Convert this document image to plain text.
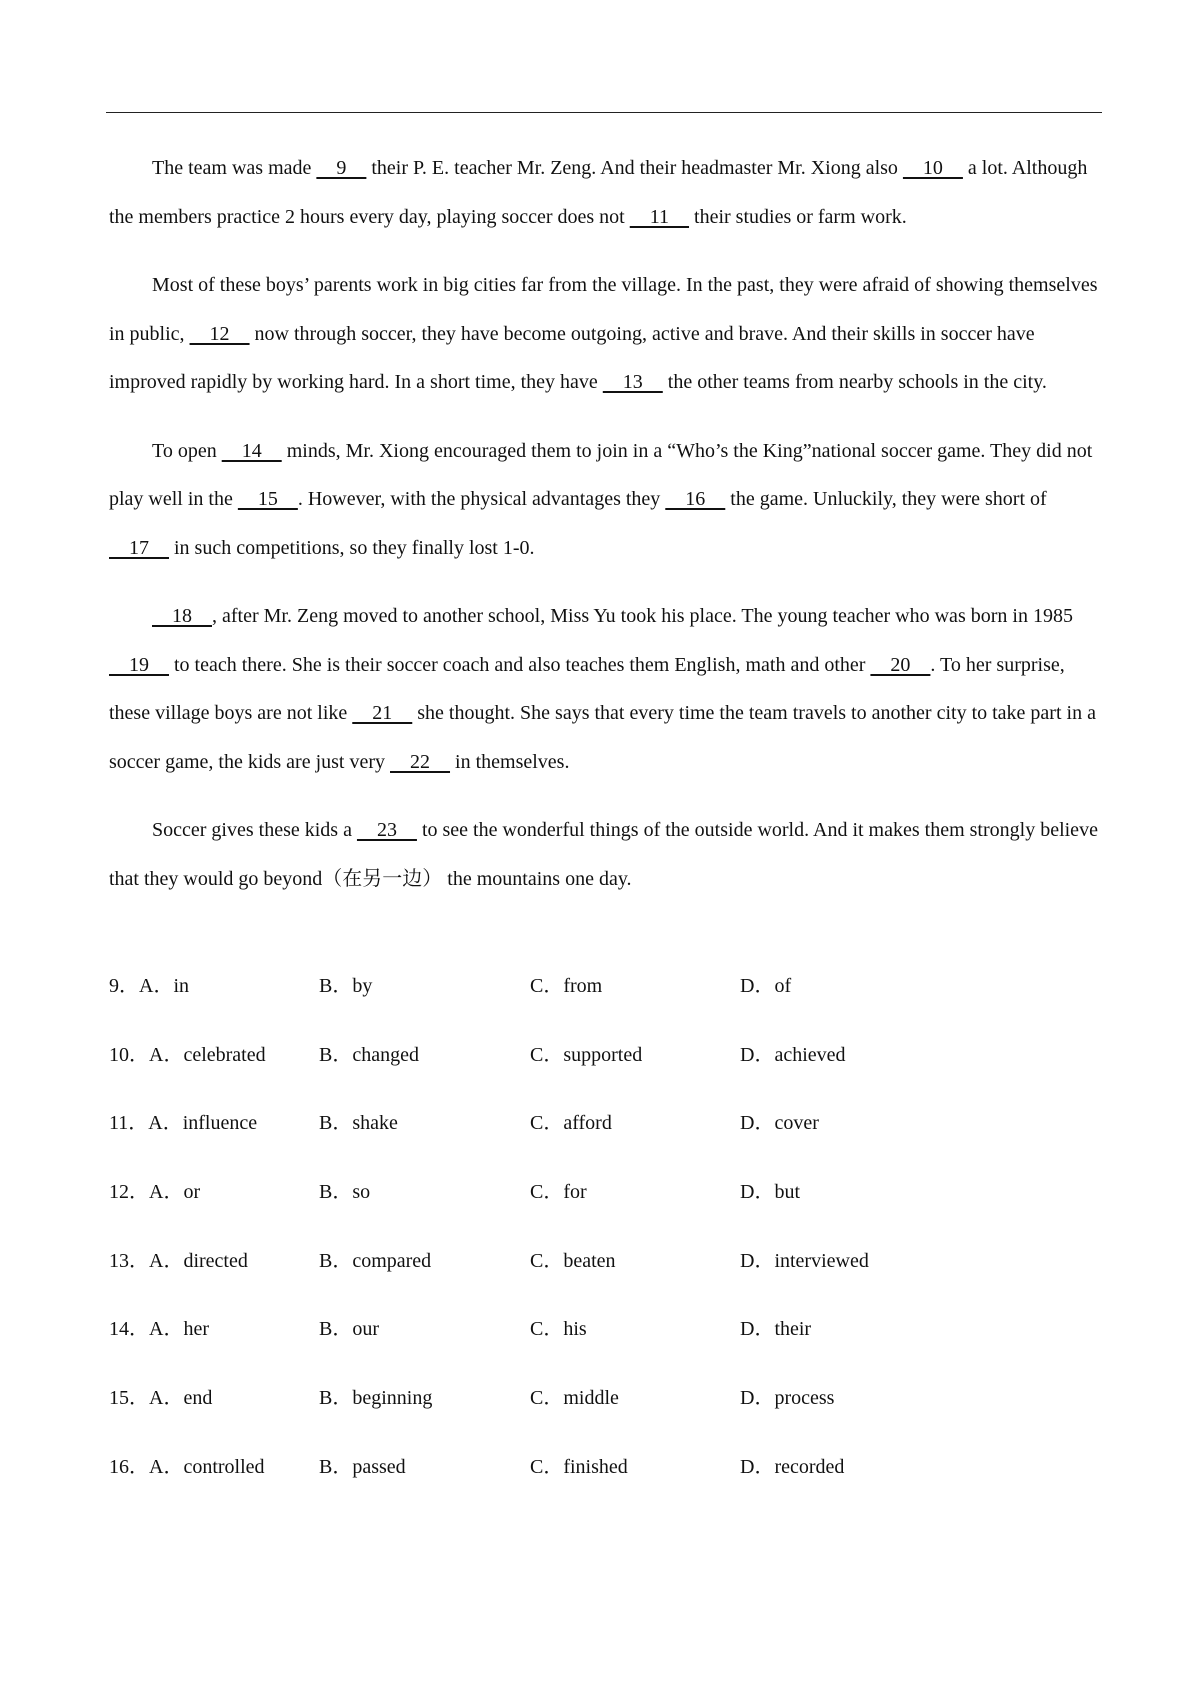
The team was made   9   their P. E. teacher Mr. Zeng. And their headmaster Mr. Xiong also   10   a lot. Although the members practice 2 hours every day, playing soccer does not   11   their studies or farm work.

Most of these boys’ parents work in big cities far from the village. In the past, they were afraid of showing themselves in public,   12   now through soccer, they have become outgoing, active and brave. And their skills in soccer have improved rapidly by working hard. In a short time, they have   13   the other teams from nearby schools in the city.

To open   14   minds, Mr. Xiong encouraged them to join in a “Who’s the King”national soccer game. They did not play well in the   15  . However, with the physical advantages they   16   the game. Unluckily, they were short of   17   in such competitions, so they finally lost 1-0.

  18  , after Mr. Zeng moved to another school, Miss Yu took his place. The young teacher who was born in 1985   19   to teach there. She is their soccer coach and also teaches them English, math and other   20  . To her surprise, these village boys are not like   21   she thought. She says that every time the team travels to another city to take part in a soccer game, the kids are just very   22   in themselves.

Soccer gives these kids a   23   to see the wonderful things of the outside world. And it makes them strongly believe that they would go beyond（在另一边） the mountains one day.

9．A．in	B．by	C．from	D．of
10．A．celebrated	B．changed	C．supported	D．achieved
11．A．influence	B．shake	C．afford	D．cover
12．A．or	B．so	C．for	D．but
13．A．directed	B．compared	C．beaten	D．interviewed
14．A．her	B．our	C．his	D．their
15．A．end	B．beginning	C．middle	D．process
16．A．controlled	B．passed	C．finished	D．recorded
